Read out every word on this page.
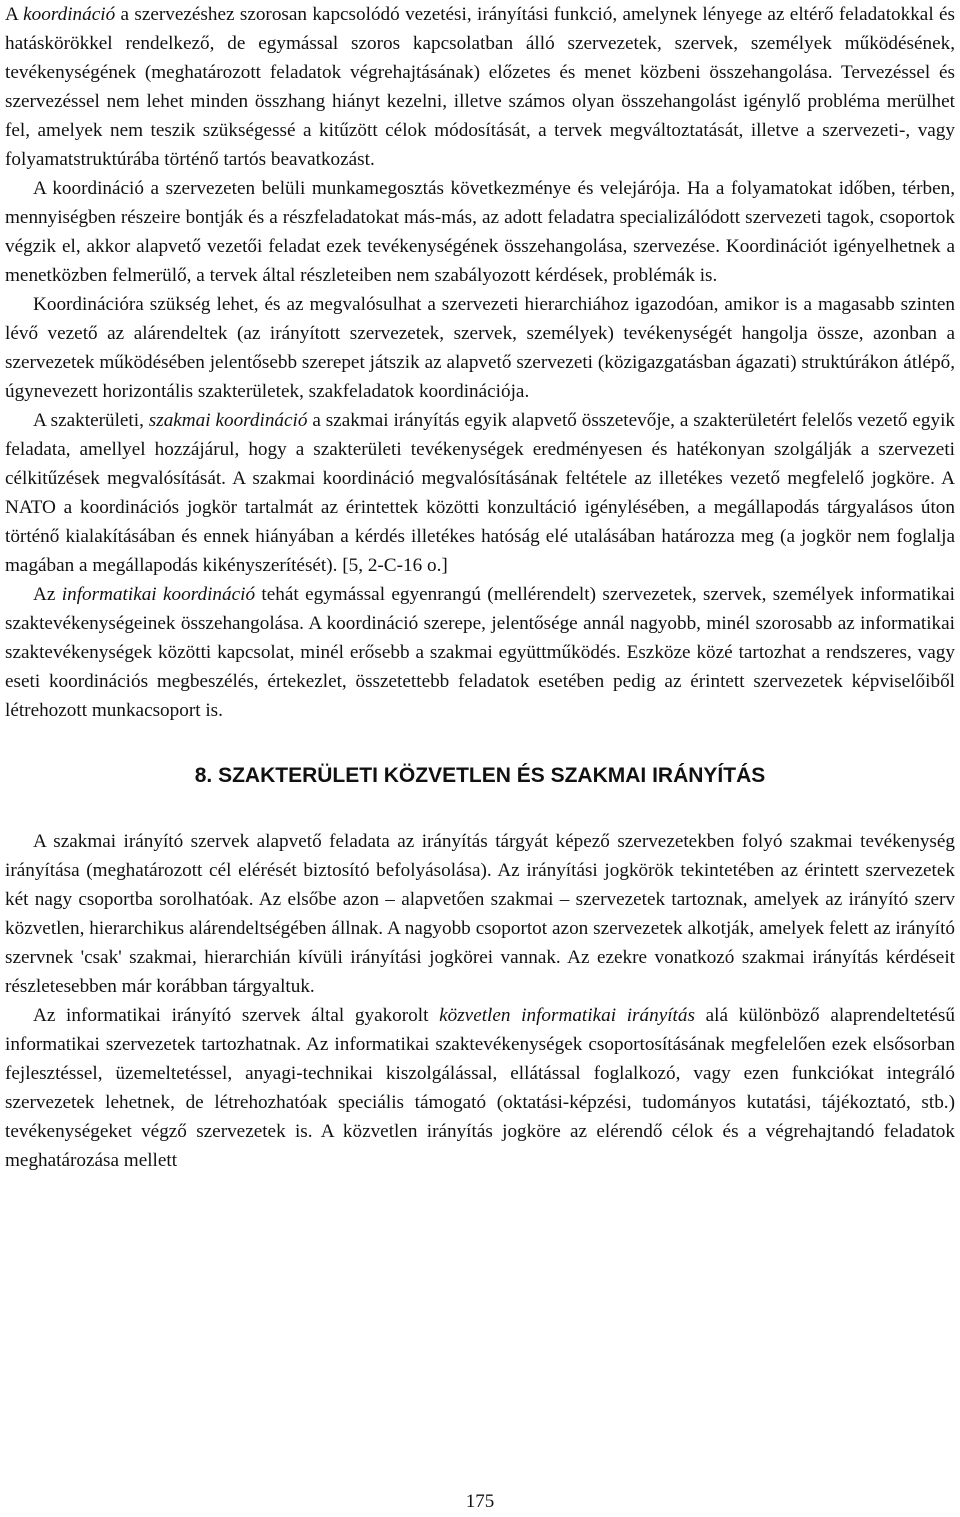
A koordináció a szervezéshez szorosan kapcsolódó vezetési, irányítási funkció, amelynek lényege az eltérő feladatokkal és hatáskörökkel rendelkező, de egymással szoros kapcsolatban álló szervezetek, szervek, személyek működésének, tevékenységének (meghatározott feladatok végrehajtásának) előzetes és menet közbeni összehangolása. Tervezéssel és szervezéssel nem lehet minden összhang hiányt kezelni, illetve számos olyan összehangolást igénylő probléma merülhet fel, amelyek nem teszik szükségessé a kitűzött célok módosítását, a tervek megváltoztatását, illetve a szervezeti-, vagy folyamatstruktúrába történő tartós beavatkozást.

A koordináció a szervezeten belüli munkamegosztás következménye és velejárója. Ha a folyamatokat időben, térben, mennyiségben részeire bontják és a részfeladatokat más-más, az adott feladatra specializálódott szervezeti tagok, csoportok végzik el, akkor alapvető vezetői feladat ezek tevékenységének összehangolása, szervezése. Koordinációt igényelhetnek a menetközben felmerülő, a tervek által részleteiben nem szabályozott kérdések, problémák is.

Koordinációra szükség lehet, és az megvalósulhat a szervezeti hierarchiához igazodóan, amikor is a magasabb szinten lévő vezető az alárendeltek (az irányított szervezetek, szervek, személyek) tevékenységét hangolja össze, azonban a szervezetek működésében jelentősebb szerepet játszik az alapvető szervezeti (közigazgatásban ágazati) struktúrákon átlépő, úgynevezett horizontális szakterületek, szakfeladatok koordinációja.

A szakterületi, szakmai koordináció a szakmai irányítás egyik alapvető összetevője, a szakterületért felelős vezető egyik feladata, amellyel hozzájárul, hogy a szakterületi tevékenységek eredményesen és hatékonyan szolgálják a szervezeti célkitűzések megvalósítását. A szakmai koordináció megvalósításának feltétele az illetékes vezető megfelelő jogköre. A NATO a koordinációs jogkör tartalmát az érintettek közötti konzultáció igénylésében, a megállapodás tárgyalásos úton történő kialakításában és ennek hiányában a kérdés illetékes hatóság elé utalásában határozza meg (a jogkör nem foglalja magában a megállapodás kikényszerítését). [5, 2-C-16 o.]

Az informatikai koordináció tehát egymással egyenrangú (mellérendelt) szervezetek, szervek, személyek informatikai szaktevékenységeinek összehangolása. A koordináció szerepe, jelentősége annál nagyobb, minél szorosabb az informatikai szaktevékenységek közötti kapcsolat, minél erősebb a szakmai együttműködés. Eszköze közé tartozhat a rendszeres, vagy eseti koordinációs megbeszélés, értekezlet, összetettebb feladatok esetében pedig az érintett szervezetek képviselőiből létrehozott munkacsoport is.

8. SZAKTERÜLETI KÖZVETLEN ÉS SZAKMAI IRÁNYÍTÁS

A szakmai irányító szervek alapvető feladata az irányítás tárgyát képező szervezetekben folyó szakmai tevékenység irányítása (meghatározott cél elérését biztosító befolyásolása). Az irányítási jogkörök tekintetében az érintett szervezetek két nagy csoportba sorolhatóak. Az elsőbe azon – alapvetően szakmai – szervezetek tartoznak, amelyek az irányító szerv közvetlen, hierarchikus alárendeltségében állnak. A nagyobb csoportot azon szervezetek alkotják, amelyek felett az irányító szervnek 'csak' szakmai, hierarchián kívüli irányítási jogkörei vannak. Az ezekre vonatkozó szakmai irányítás kérdéseit részletesebben már korábban tárgyaltuk.

Az informatikai irányító szervek által gyakorolt közvetlen informatikai irányítás alá különböző alaprendeltetésű informatikai szervezetek tartozhatnak. Az informatikai szaktevékenységek csoportosításának megfelelően ezek elsősorban fejlesztéssel, üzemeltetéssel, anyagi-technikai kiszolgálással, ellátással foglalkozó, vagy ezen funkciókat integráló szervezetek lehetnek, de létrehozhatóak speciális támogató (oktatási-képzési, tudományos kutatási, tájékoztató, stb.) tevékenységeket végző szervezetek is. A közvetlen irányítás jogköre az elérendő célok és a végrehajtandó feladatok meghatározása mellett

175
